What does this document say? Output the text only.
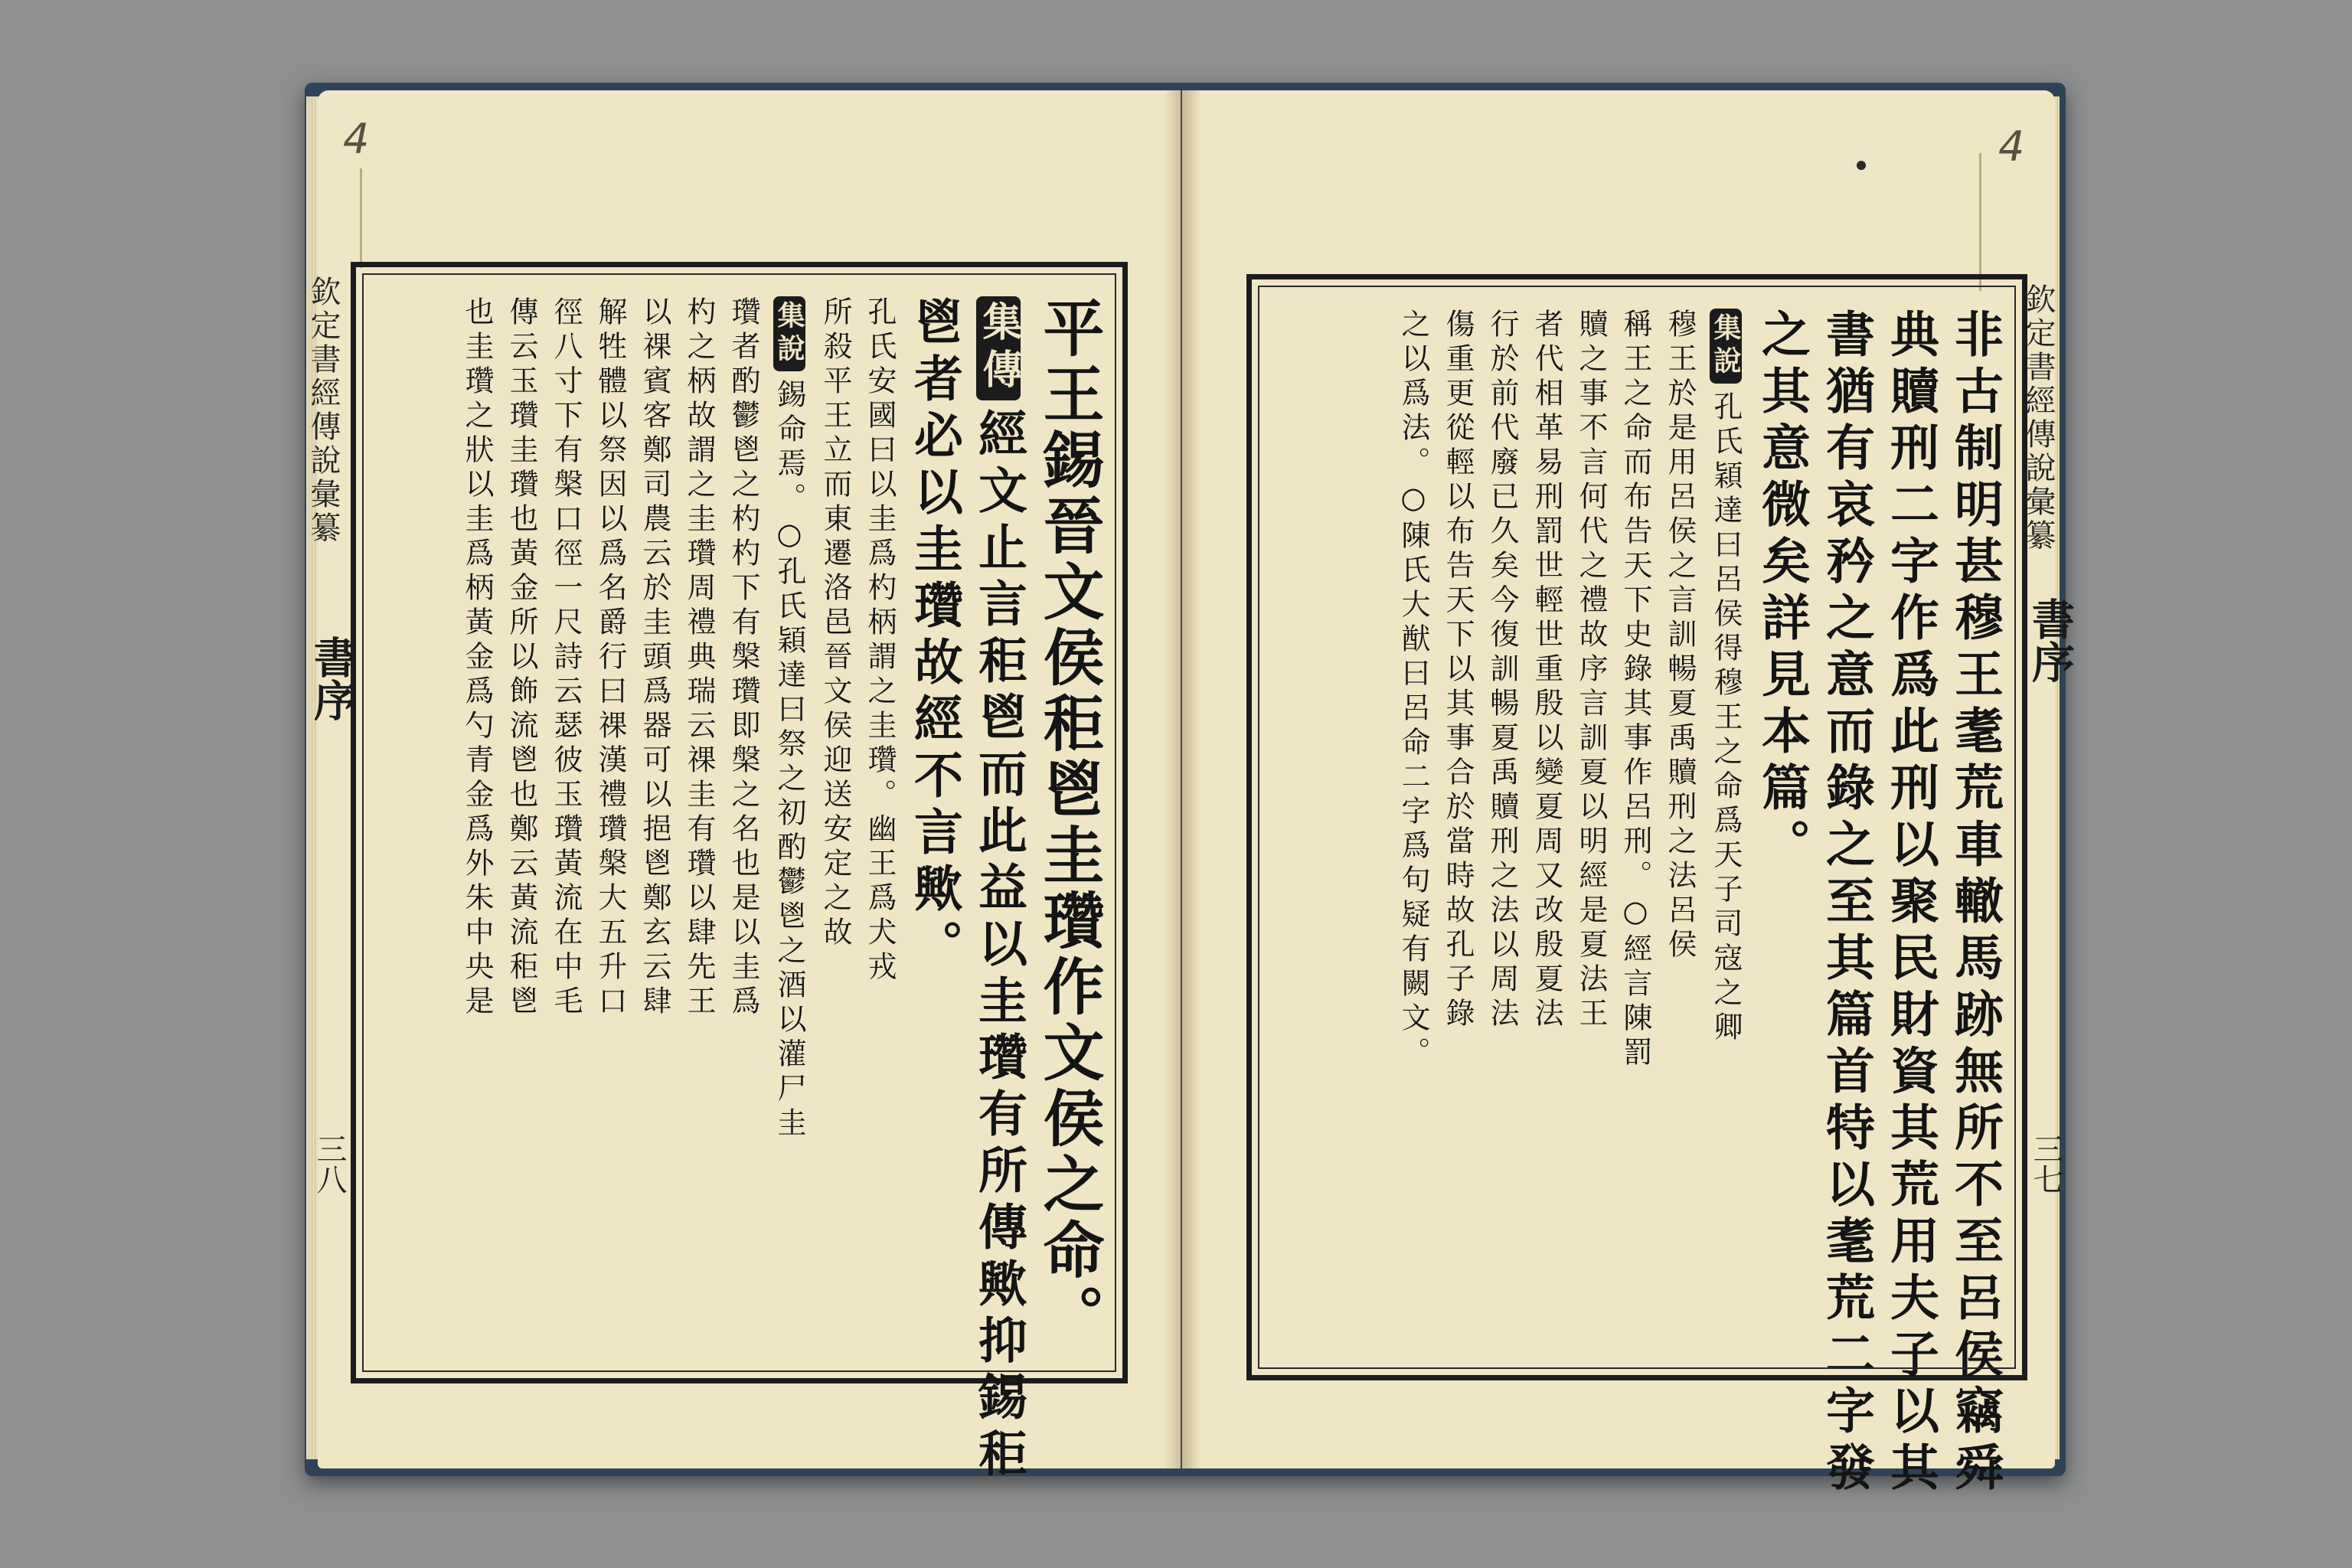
4	4
欽定書經傳說彙纂
書序
三八
欽定書經傳說彙纂
書序
三七
平王錫晉文侯秬鬯圭瓚作文侯之命。
集傳經文止言秬鬯而此益以圭瓚有所傳歟抑錫秬
鬯者必以圭瓚故經不言歟。
孔氏安國曰以圭爲杓柄謂之圭瓚。幽王爲犬戎
所殺平王立而東遷洛邑晉文侯迎送安定之故
集說錫命焉。○孔氏穎達曰祭之初酌鬱鬯之酒以灌尸圭
瓚者酌鬱鬯之杓杓下有槃瓚即槃之名也是以圭爲
杓之柄故謂之圭瓚周禮典瑞云祼圭有瓚以肆先王
以祼賓客鄭司農云於圭頭爲器可以挹鬯鄭玄云肆
解牲體以祭因以爲名爵行曰祼漢禮瓚槃大五升口
徑八寸下有槃口徑一尺詩云瑟彼玉瓚黃流在中毛
傳云玉瓚圭瓚也黃金所以飾流鬯也鄭云黃流秬鬯
也圭瓚之狀以圭爲柄黃金爲勺青金爲外朱中央是	非古制明甚穆王耄荒車轍馬跡無所不至呂侯竊舜
典贖刑二字作爲此刑以聚民財資其荒用夫子以其
書猶有哀矜之意而錄之至其篇首特以耄荒二字發
之其意微矣詳見本篇。
集說孔氏穎達曰呂侯得穆王之命爲天子司寇之卿
穆王於是用呂侯之言訓暢夏禹贖刑之法呂侯
稱王之命而布告天下史錄其事作呂刑。○經言陳罰
贖之事不言何代之禮故序言訓夏以明經是夏法王
者代相革易刑罰世輕世重殷以變夏周又改殷夏法
行於前代廢已久矣今復訓暢夏禹贖刑之法以周法
傷重更從輕以布告天下以其事合於當時故孔子錄
之以爲法。○陳氏大猷曰呂命二字爲句疑有闕文。
